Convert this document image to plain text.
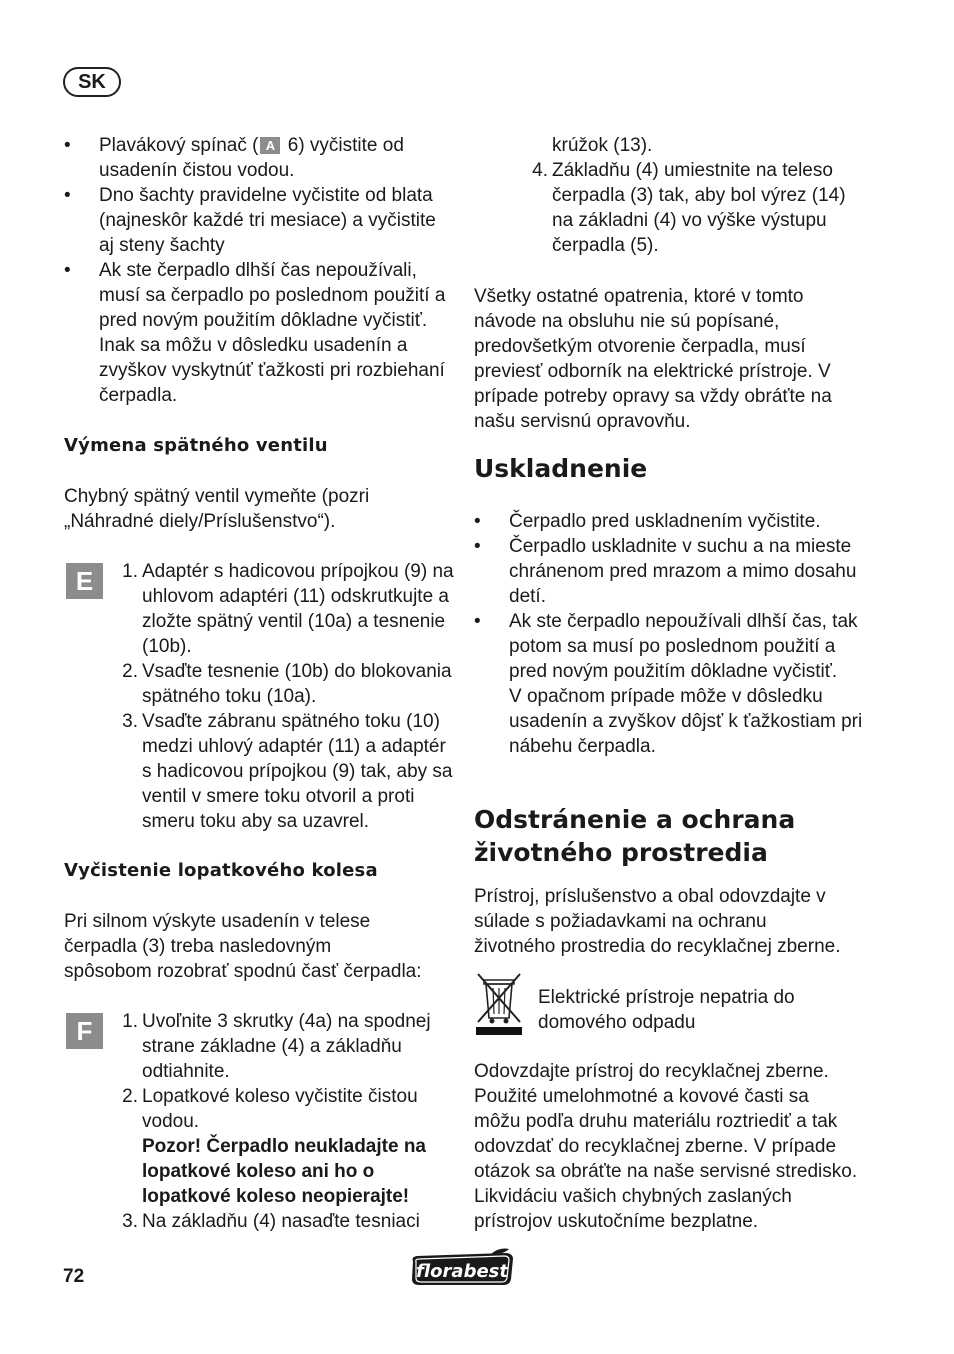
SK
• Plavákový spínač ( A 6) vyčistite od usadenín čistou vodou.
• Dno šachty pravidelne vyčistite od blata (najneskôr každé tri mesiace) a vyčistite aj steny šachty
• Ak ste čerpadlo dlhší čas nepoužívali, musí sa čerpadlo po poslednom použití a pred novým použitím dôkladne vyčistiť. Inak sa môžu v dôsledku usadenín a zvyškov vyskytnúť ťažkosti pri rozbiehaní čerpadla.
Výmena spätného ventilu
Chybný spätný ventil vymeňte (pozri „Náhradné diely/Príslušenstvo“).
E	1. Adaptér s hadicovou prípojkou (9) na uhlovom adaptéri (11) odskrutkujte a zložte spätný ventil (10a) a tesnenie (10b).
2. Vsaďte tesnenie (10b) do blokovania spätného toku (10a).
3. Vsaďte zábranu spätného toku (10) medzi uhlový adaptér (11) a adaptér s hadicovou prípojkou (9) tak, aby sa ventil v smere toku otvoril a proti smeru toku aby sa uzavrel.
Vyčistenie lopatkového kolesa
Pri silnom výskyte usadenín v telese čerpadla (3) treba nasledovným spôsobom rozobrať spodnú časť čerpadla:
F	1. Uvoľnite 3 skrutky (4a) na spodnej strane základne (4) a základňu odtiahnite.
2. Lopatkové koleso vyčistite čistou vodou.
Pozor! Čerpadlo neukladajte na lopatkové koleso ani ho o lopatkové koleso neopierajte!
3. Na základňu (4) nasaďte tesniaci
krúžok (13).
4. Základňu (4) umiestnite na teleso čerpadla (3) tak, aby bol výrez (14) na základni (4) vo výške výstupu čerpadla (5).
Všetky ostatné opatrenia, ktoré v tomto návode na obsluhu nie sú popísané, predovšetkým otvorenie čerpadla, musí previesť odborník na elektrické prístroje. V prípade potreby opravy sa vždy obráťte na našu servisnú opravovňu.
Uskladnenie
• Čerpadlo pred uskladnením vyčistite.
• Čerpadlo uskladnite v suchu a na mieste chránenom pred mrazom a mimo dosahu detí.
• Ak ste čerpadlo nepoužívali dlhší čas, tak potom sa musí po poslednom použití a pred novým použitím dôkladne vyčistiť.
V opačnom prípade môže v dôsledku usadenín a zvyškov dôjsť k ťažkostiam pri nábehu čerpadla.
Odstránenie a ochrana
životného prostredia
Prístroj, príslušenstvo a obal odovzdajte v súlade s požiadavkami na ochranu životného prostredia do recyklačnej zberne.
Elektrické prístroje nepatria do domového odpadu
Odovzdajte prístroj do recyklačnej zberne. Použité umelohmotné a kovové časti sa môžu podľa druhu materiálu roztriediť a tak odovzdať do recyklačnej zberne. V prípade otázok sa obráťte na naše servisné stredisko. Likvidáciu vašich chybných zaslaných prístrojov uskutočníme bezplatne.
72	florabest
